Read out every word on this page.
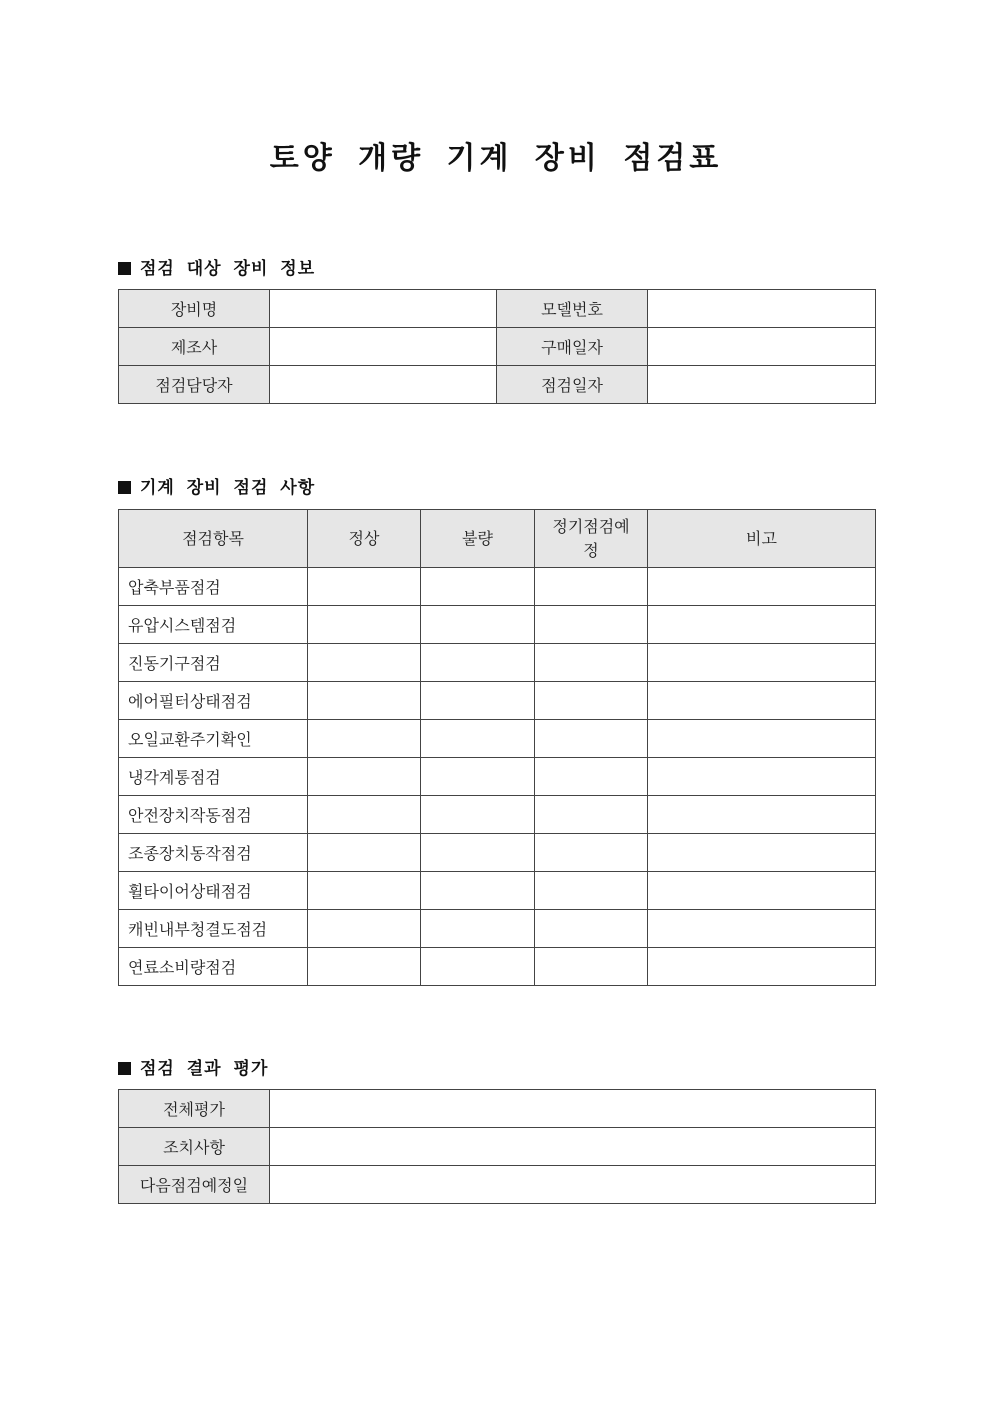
토양 개량 기계 장비 점검표
점검 대상 장비 정보
장비명		모델번호	
제조사		구매일자	
점검담당자		점검일자	
기계 장비 점검 사항
점검항목	정상	불량	정기점검예정	비고
압축부품점검				
유압시스템점검				
진동기구점검				
에어필터상태점검				
오일교환주기확인				
냉각계통점검				
안전장치작동점검				
조종장치동작점검				
휠타이어상태점검				
캐빈내부청결도점검				
연료소비량점검				
점검 결과 평가
전체평가	
조치사항	
다음점검예정일	
